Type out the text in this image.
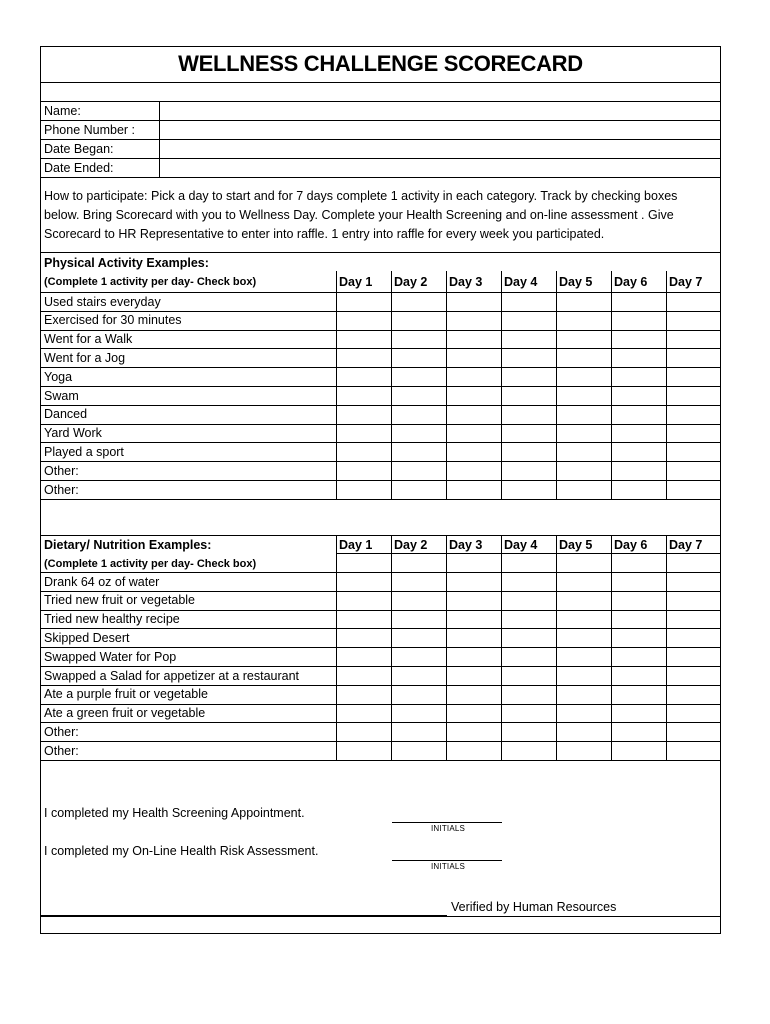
WELLNESS CHALLENGE SCORECARD
Name:
Phone Number :
Date Began:
Date Ended:
How to participate: Pick a day to start and for 7 days complete 1 activity in each category. Track by checking boxes below. Bring Scorecard with you to Wellness Day. Complete your Health Screening and on-line assessment . Give Scorecard to HR Representative to enter into raffle. 1 entry into raffle for every week you participated.
Physical Activity Examples:
(Complete 1 activity per day- Check box)	Day 1	Day 2	Day 3	Day 4	Day 5	Day 6	Day 7
Used stairs everyday
Exercised for 30 minutes
Went for a Walk
Went for a Jog
Yoga
Swam
Danced
Yard Work
Played a sport
Other:
Other:
Dietary/ Nutrition Examples:
(Complete 1 activity per day- Check box)
Day 1	Day 2	Day 3	Day 4	Day 5	Day 6	Day 7
Drank 64 oz of water
Tried new fruit or vegetable
Tried new healthy recipe
Skipped Desert
Swapped Water for Pop
Swapped a Salad for appetizer at a restaurant
Ate a purple fruit or vegetable
Ate a green fruit or vegetable
Other:
Other:
I completed my Health Screening Appointment.
INITIALS
I completed my On-Line Health Risk Assessment.
INITIALS
Verified by Human Resources
